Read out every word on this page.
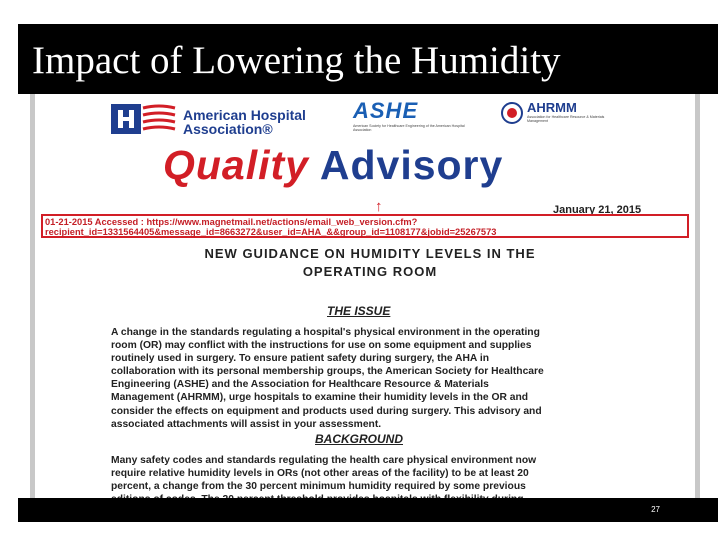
Impact of Lowering the Humidity
American Hospital
Association®
ASHE
American Society for Healthcare Engineering of the American Hospital Association
AHRMM
Association for Healthcare Resource & Materials Management
Quality Advisory
↑	January 21, 2015
01-21-2015 Accessed : https://www.magnetmail.net/actions/email_web_version.cfm?
recipient_id=1331564405&message_id=8663272&user_id=AHA_&&group_id=1108177&jobid=25267573
NEW GUIDANCE ON HUMIDITY LEVELS IN THE
OPERATING ROOM
THE ISSUE
A change in the standards regulating a hospital's physical environment in the operating
room (OR) may conflict with the instructions for use on some equipment and supplies
routinely used in surgery. To ensure patient safety during surgery, the AHA in
collaboration with its personal membership groups, the American Society for Healthcare
Engineering (ASHE) and the Association for Healthcare Resource & Materials
Management (AHRMM), urge hospitals to examine their humidity levels in the OR and
consider the effects on equipment and products used during surgery. This advisory and
associated attachments will assist in your assessment.
BACKGROUND
Many safety codes and standards regulating the health care physical environment now
require relative humidity levels in ORs (not other areas of the facility) to be at least 20
percent, a change from the 30 percent minimum humidity required by some previous
27
